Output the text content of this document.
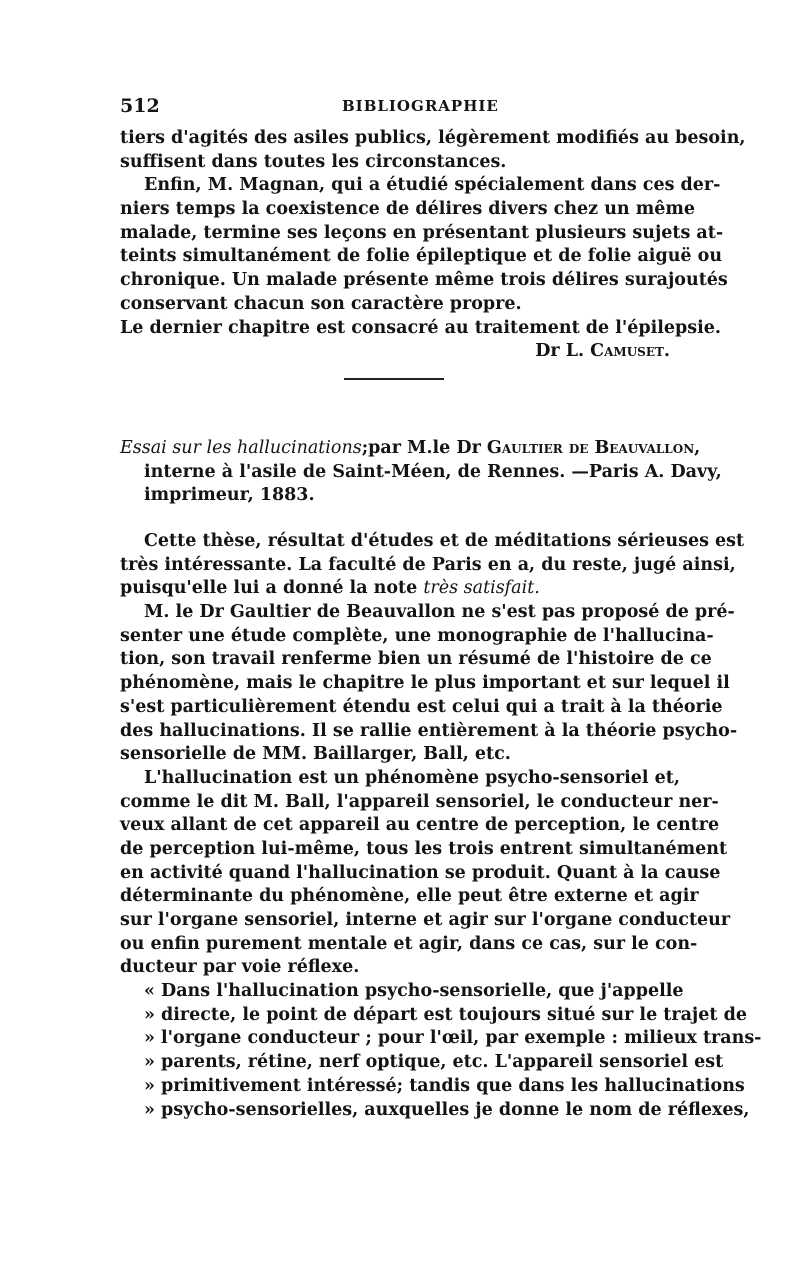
512	BIBLIOGRAPHIE
tiers d'agités des asiles publics, légèrement modifiés au besoin,
suffisent dans toutes les circonstances.
Enfin, M. Magnan, qui a étudié spécialement dans ces der-
niers temps la coexistence de délires divers chez un même
malade, termine ses leçons en présentant plusieurs sujets at-
teints simultanément de folie épileptique et de folie aiguë ou
chronique. Un malade présente même trois délires surajoutés
conservant chacun son caractère propre.
Le dernier chapitre est consacré au traitement de l'épilepsie.
Dr L. Camuset.
Essai sur les hallucinations;par M.le Dr Gaultier de Beauvallon,
interne à l'asile de Saint-Méen, de Rennes. —Paris A. Davy,
imprimeur, 1883.
Cette thèse, résultat d'études et de méditations sérieuses est
très intéressante. La faculté de Paris en a, du reste, jugé ainsi,
puisqu'elle lui a donné la note très satisfait.
M. le Dr Gaultier de Beauvallon ne s'est pas proposé de pré-
senter une étude complète, une monographie de l'hallucina-
tion, son travail renferme bien un résumé de l'histoire de ce
phénomène, mais le chapitre le plus important et sur lequel il
s'est particulièrement étendu est celui qui a trait à la théorie
des hallucinations. Il se rallie entièrement à la théorie psycho-
sensorielle de MM. Baillarger, Ball, etc.
L'hallucination est un phénomène psycho-sensoriel et,
comme le dit M. Ball, l'appareil sensoriel, le conducteur ner-
veux allant de cet appareil au centre de perception, le centre
de perception lui-même, tous les trois entrent simultanément
en activité quand l'hallucination se produit. Quant à la cause
déterminante du phénomène, elle peut être externe et agir
sur l'organe sensoriel, interne et agir sur l'organe conducteur
ou enfin purement mentale et agir, dans ce cas, sur le con-
ducteur par voie réflexe.
« Dans l'hallucination psycho-sensorielle, que j'appelle
» directe, le point de départ est toujours situé sur le trajet de
» l'organe conducteur ; pour l'œil, par exemple : milieux trans-
» parents, rétine, nerf optique, etc. L'appareil sensoriel est
» primitivement intéressé; tandis que dans les hallucinations
» psycho-sensorielles, auxquelles je donne le nom de réflexes,
